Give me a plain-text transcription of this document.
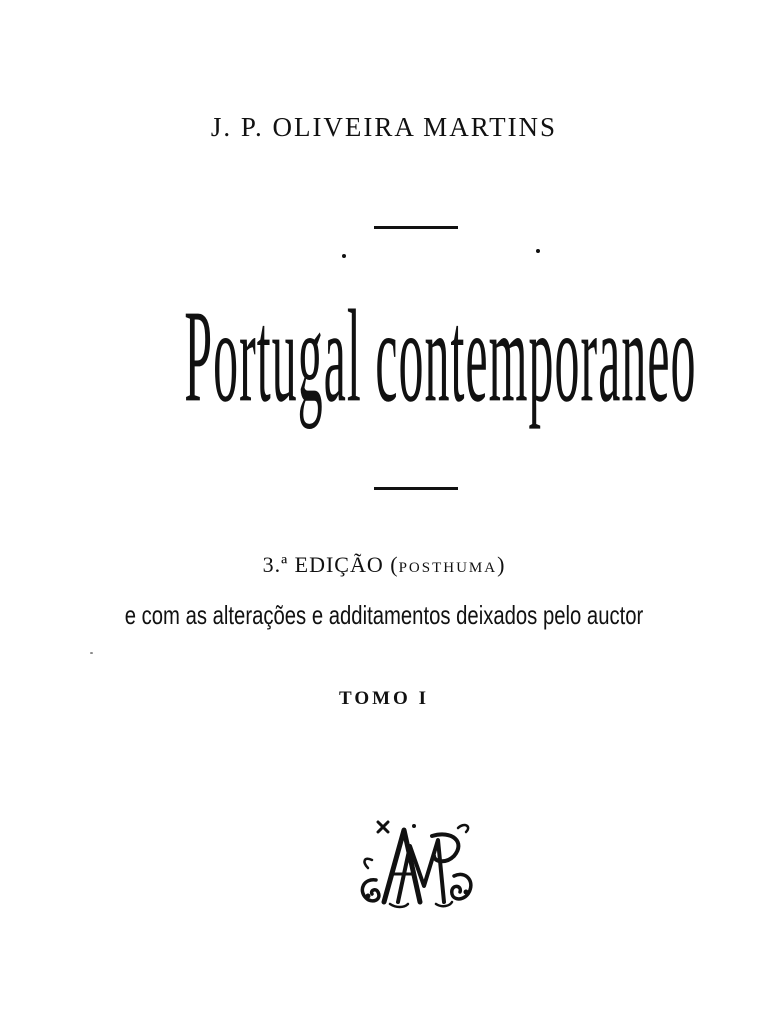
J. P. OLIVEIRA MARTINS
Portugal contemporaneo
3.ª EDIÇÃO (POSTHUMA)
e com as alterações e additamentos deixados pelo auctor
TOMO I
